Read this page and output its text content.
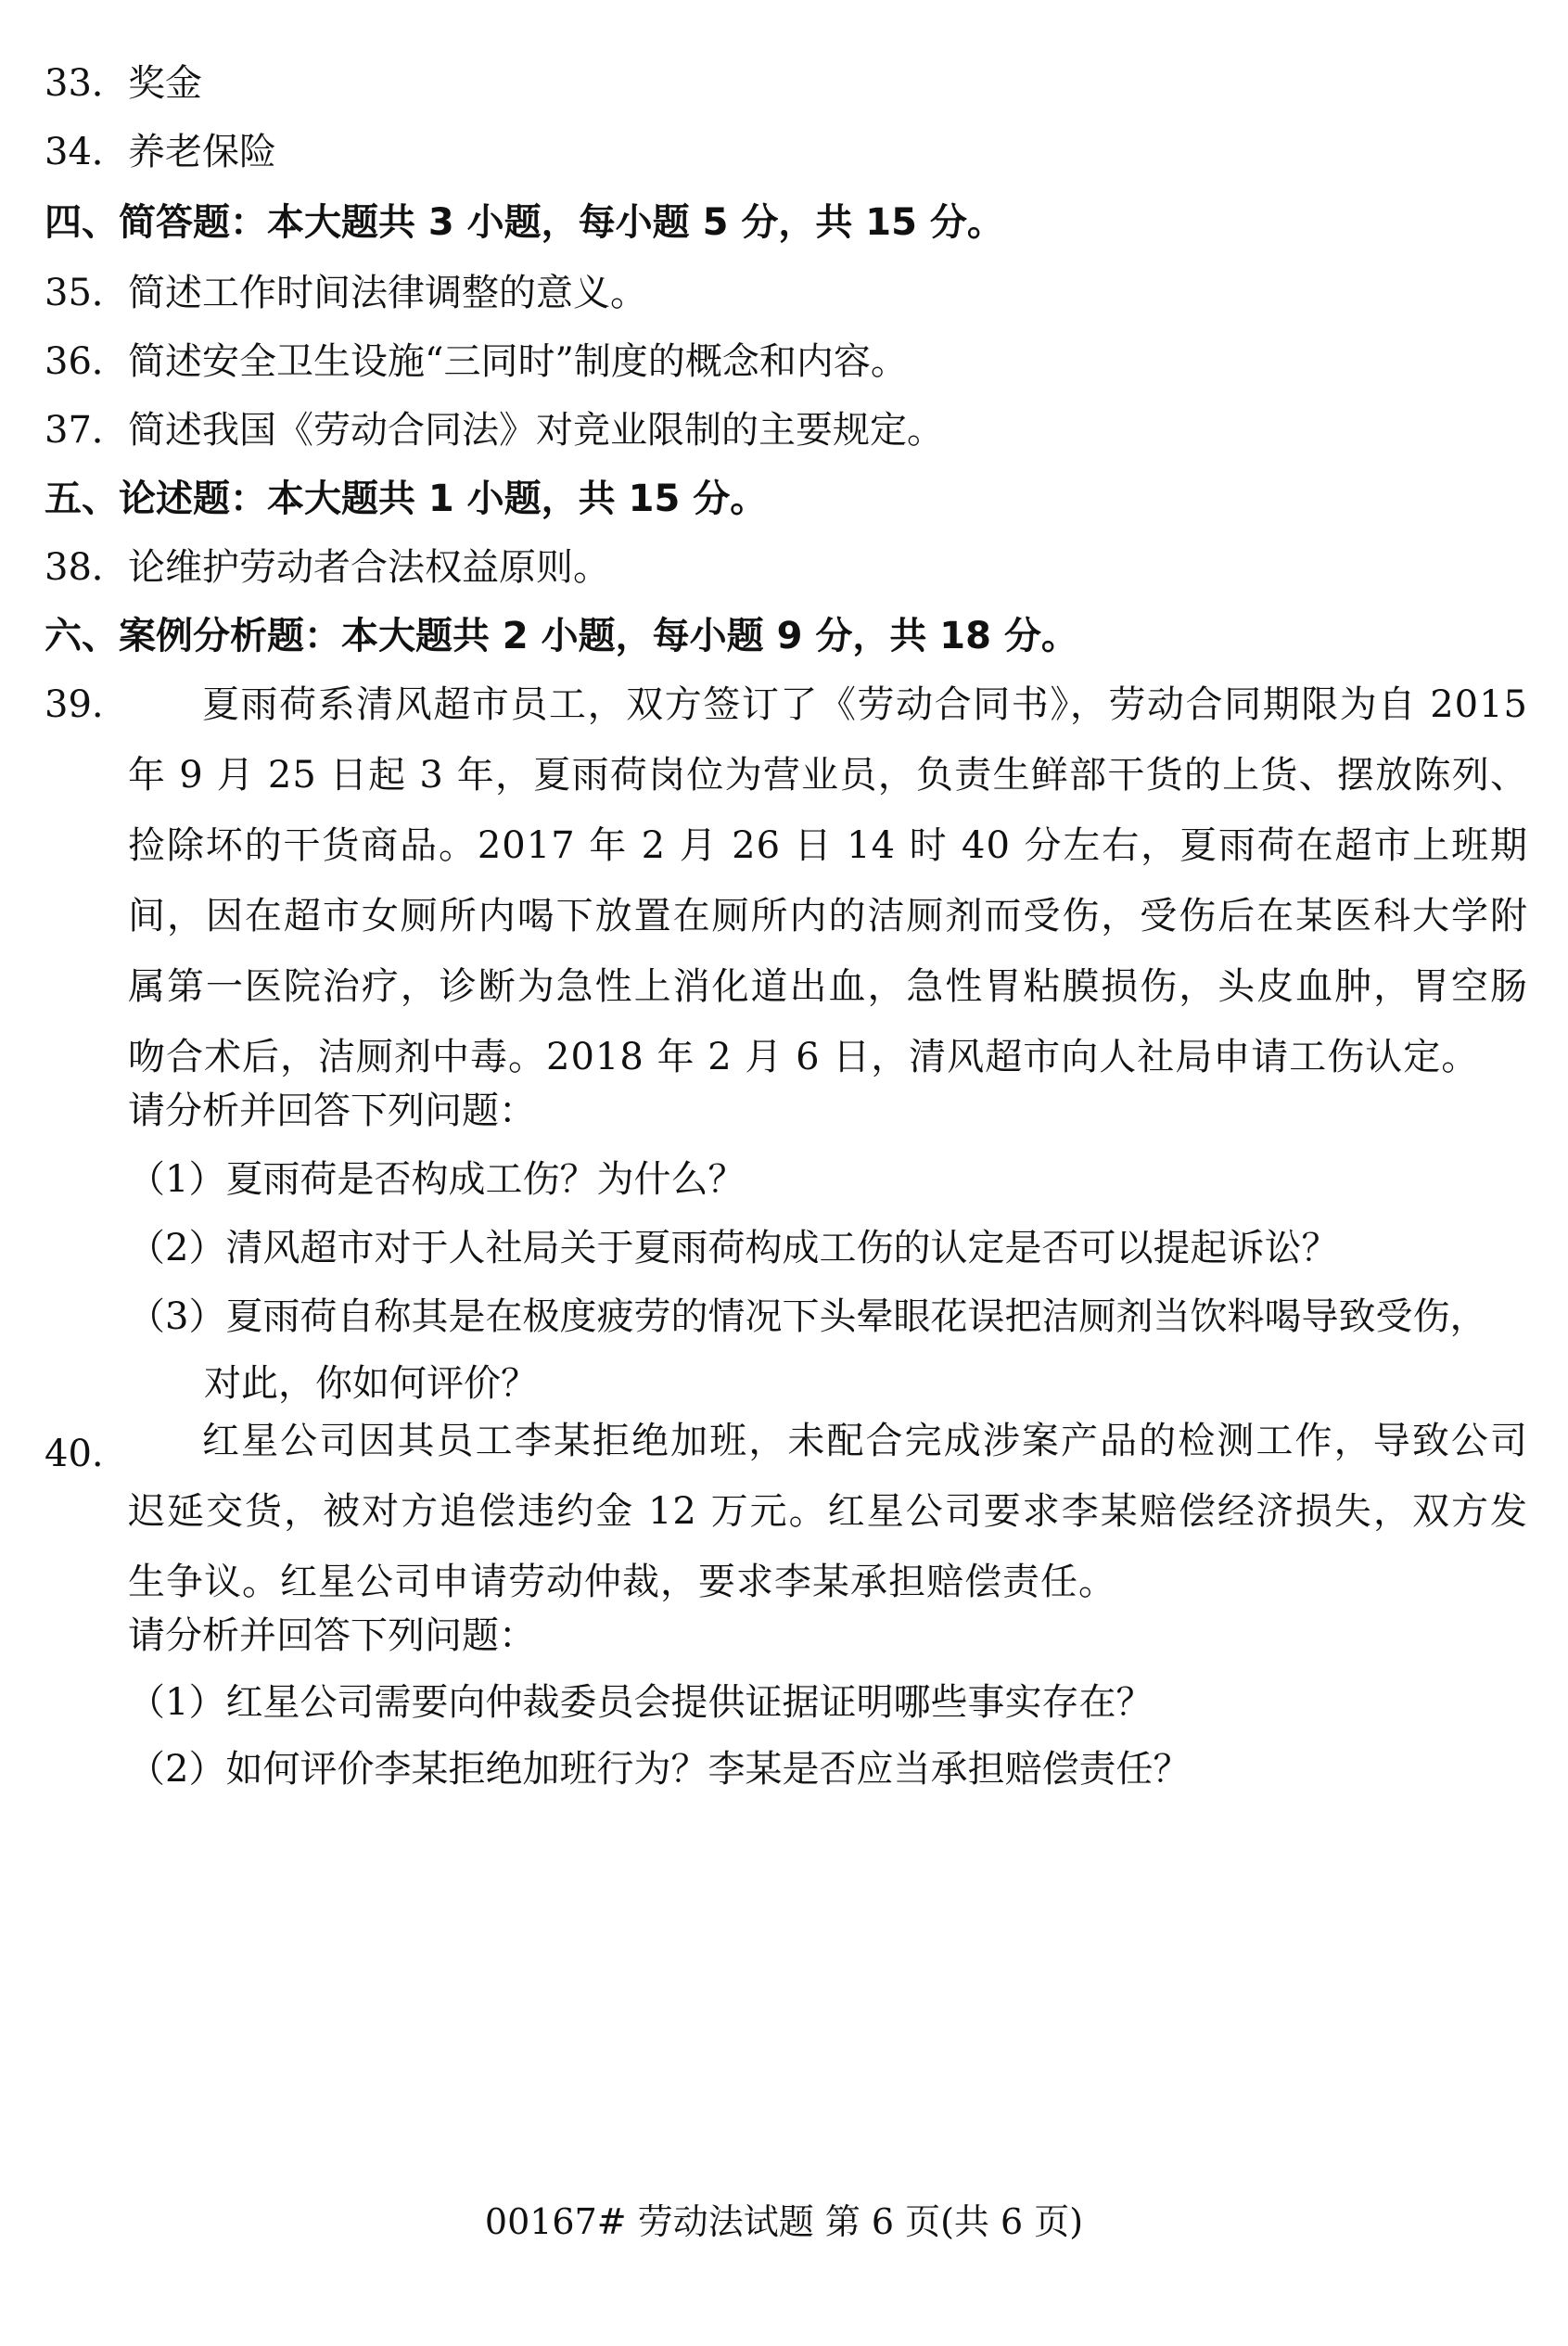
33．奖金
34．养老保险
四、简答题：本大题共 3 小题，每小题 5 分，共 15 分。
35．简述工作时间法律调整的意义。
36．简述安全卫生设施“三同时”制度的概念和内容。
37．简述我国《劳动合同法》对竞业限制的主要规定。
五、论述题：本大题共 1 小题，共 15 分。
38．论维护劳动者合法权益原则。
六、案例分析题：本大题共 2 小题，每小题 9 分，共 18 分。
39.	夏雨荷系清风超市员工，双方签订了《劳动合同书》，劳动合同期限为自 2015 年 9 月 25 日起 3 年，夏雨荷岗位为营业员，负责生鲜部干货的上货、摆放陈列、捡除坏的干货商品。2017 年 2 月 26 日 14 时 40 分左右，夏雨荷在超市上班期间，因在超市女厕所内喝下放置在厕所内的洁厕剂而受伤，受伤后在某医科大学附属第一医院治疗，诊断为急性上消化道出血，急性胃粘膜损伤，头皮血肿，胃空肠吻合术后，洁厕剂中毒。2018 年 2 月 6 日，清风超市向人社局申请工伤认定。
请分析并回答下列问题：
（1）夏雨荷是否构成工伤？为什么？
（2）清风超市对于人社局关于夏雨荷构成工伤的认定是否可以提起诉讼？
（3）夏雨荷自称其是在极度疲劳的情况下头晕眼花误把洁厕剂当饮料喝导致受伤，
对此，你如何评价？
40.	红星公司因其员工李某拒绝加班，未配合完成涉案产品的检测工作，导致公司迟延交货，被对方追偿违约金 12 万元。红星公司要求李某赔偿经济损失，双方发生争议。红星公司申请劳动仲裁，要求李某承担赔偿责任。
请分析并回答下列问题：
（1）红星公司需要向仲裁委员会提供证据证明哪些事实存在？
（2）如何评价李某拒绝加班行为？李某是否应当承担赔偿责任？
00167# 劳动法试题 第 6 页(共 6 页)
